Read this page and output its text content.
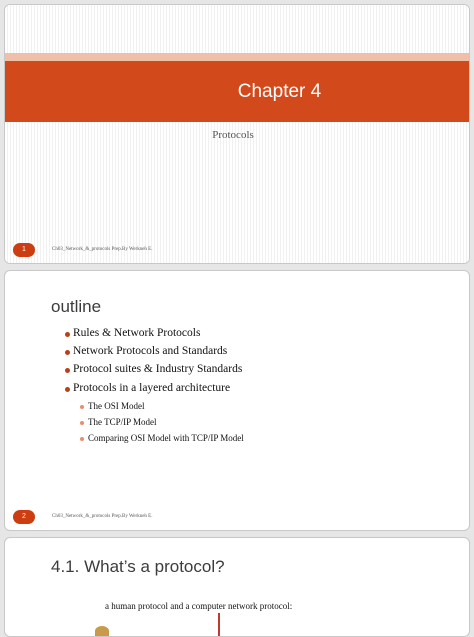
Chapter 4
Protocols
1	Ch03_Network_&_protocols Prep.By Werkneh E.
outline
Rules & Network Protocols
Network Protocols and Standards
Protocol suites & Industry Standards
Protocols in a layered architecture
The OSI Model
The TCP/IP Model
Comparing OSI Model with TCP/IP Model
2	Ch03_Network_&_protocols Prep.By Werkneh E.
4.1. What’s a protocol?
a human protocol and a computer network protocol:
